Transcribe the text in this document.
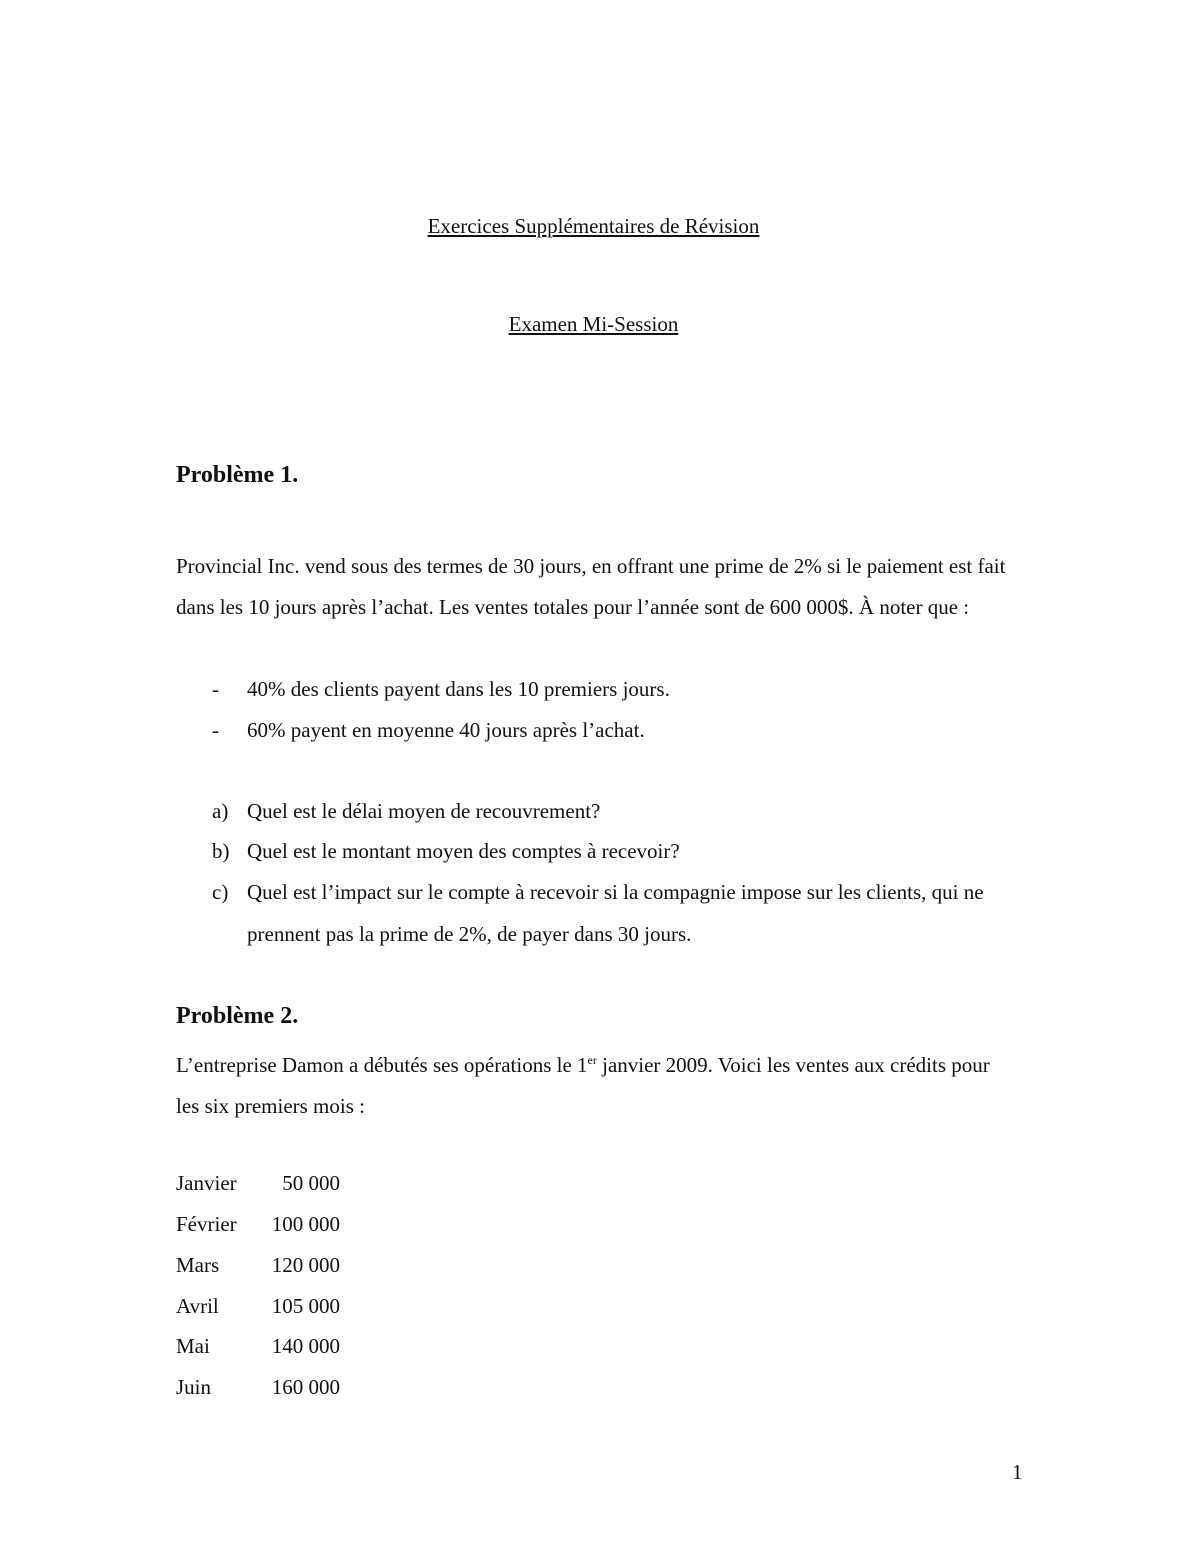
Exercices Supplémentaires de Révision
Examen Mi-Session
Problème 1.
Provincial Inc. vend sous des termes de 30 jours, en offrant une prime de 2% si le paiement est fait dans les 10 jours après l’achat. Les ventes totales pour l’année sont de 600 000$. À noter que :
- 40% des clients payent dans les 10 premiers jours.
- 60% payent en moyenne 40 jours après l’achat.
a) Quel est le délai moyen de recouvrement?
b) Quel est le montant moyen des comptes à recevoir?
c) Quel est l’impact sur le compte à recevoir si la compagnie impose sur les clients, qui ne prennent pas la prime de 2%, de payer dans 30 jours.
Problème 2.
L’entreprise Damon a débutés ses opérations le 1er janvier 2009. Voici les ventes aux crédits pour les six premiers mois :
Janvier	50 000
Février	100 000
Mars	120 000
Avril	105 000
Mai	140 000
Juin	160 000
1
